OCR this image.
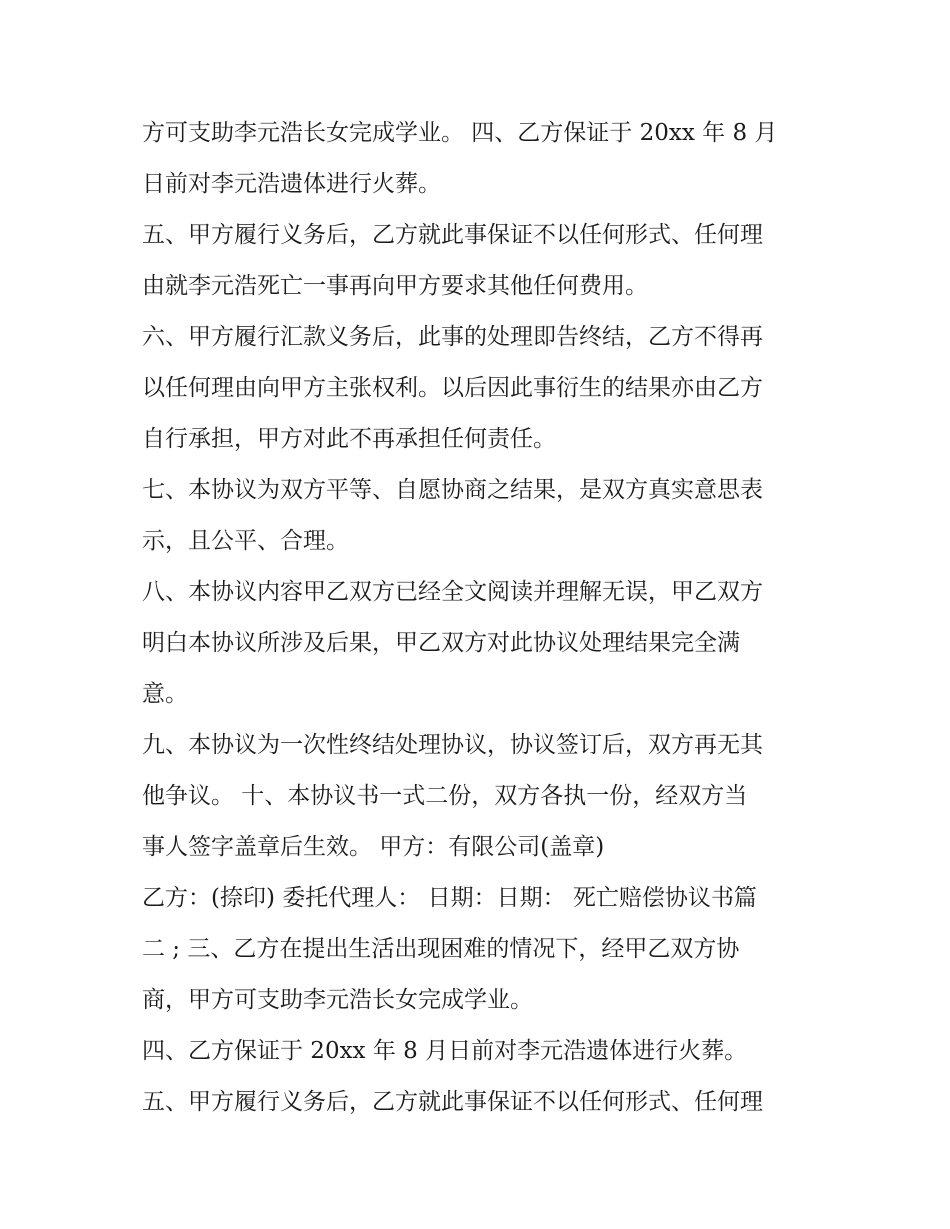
方可支助李元浩长女完成学业。 四、乙方保证于 20xx 年 8 月
日前对李元浩遗体进行火葬。
五、甲方履行义务后，乙方就此事保证不以任何形式、任何理
由就李元浩死亡一事再向甲方要求其他任何费用。
六、甲方履行汇款义务后，此事的处理即告终结，乙方不得再
以任何理由向甲方主张权利。以后因此事衍生的结果亦由乙方
自行承担，甲方对此不再承担任何责任。
七、本协议为双方平等、自愿协商之结果，是双方真实意思表
示，且公平、合理。
八、本协议内容甲乙双方已经全文阅读并理解无误，甲乙双方
明白本协议所涉及后果，甲乙双方对此协议处理结果完全满
意。
九、本协议为一次性终结处理协议，协议签订后，双方再无其
他争议。 十、本协议书一式二份，双方各执一份，经双方当
事人签字盖章后生效。 甲方：有限公司(盖章)
乙方：(捺印) 委托代理人： 日期：日期： 死亡赔偿协议书篇
二 ; 三、乙方在提出生活出现困难的情况下，经甲乙双方协
商，甲方可支助李元浩长女完成学业。
四、乙方保证于 20xx 年 8 月日前对李元浩遗体进行火葬。
五、甲方履行义务后，乙方就此事保证不以任何形式、任何理
